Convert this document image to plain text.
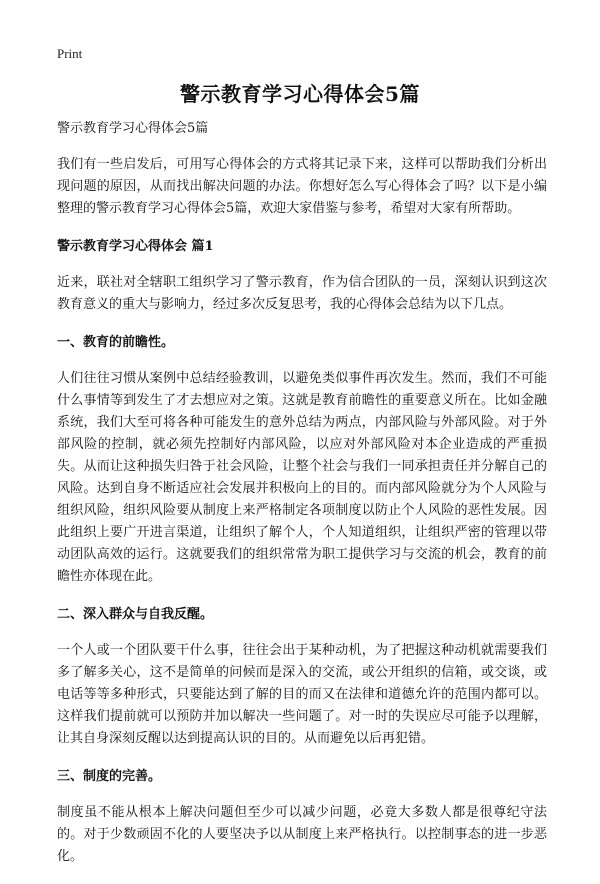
Print
警示教育学习心得体会5篇

警示教育学习心得体会5篇

我们有一些启发后，可用写心得体会的方式将其记录下来，这样可以帮助我们分析出现问题的原因，从而找出解决问题的办法。你想好怎么写心得体会了吗？以下是小编整理的警示教育学习心得体会5篇，欢迎大家借鉴与参考，希望对大家有所帮助。

警示教育学习心得体会 篇1

近来，联社对全辖职工组织学习了警示教育，作为信合团队的一员，深刻认识到这次教育意义的重大与影响力，经过多次反复思考，我的心得体会总结为以下几点。

一、教育的前瞻性。

人们往往习惯从案例中总结经验教训，以避免类似事件再次发生。然而，我们不可能什么事情等到发生了才去想应对之策。这就是教育前瞻性的重要意义所在。比如金融系统，我们大至可将各种可能发生的意外总结为两点，内部风险与外部风险。对于外部风险的控制，就必须先控制好内部风险，以应对外部风险对本企业造成的严重损失。从而让这种损失归咎于社会风险，让整个社会与我们一同承担责任并分解自己的风险。达到自身不断适应社会发展并积极向上的目的。而内部风险就分为个人风险与组织风险，组织风险要从制度上来严格制定各项制度以防止个人风险的恶性发展。因此组织上要广开进言渠道，让组织了解个人，个人知道组织，让组织严密的管理以带动团队高效的运行。这就要我们的组织常常为职工提供学习与交流的机会，教育的前瞻性亦体现在此。

二、深入群众与自我反醒。

一个人或一个团队要干什么事，往往会出于某种动机，为了把握这种动机就需要我们多了解多关心，这不是简单的问候而是深入的交流，或公开组织的信箱，或交谈，或电话等等多种形式，只要能达到了解的目的而又在法律和道德允许的范围内都可以。这样我们提前就可以预防并加以解决一些问题了。对一时的失误应尽可能予以理解，让其自身深刻反醒以达到提高认识的目的。从而避免以后再犯错。

三、制度的完善。

制度虽不能从根本上解决问题但至少可以减少问题，必竟大多数人都是很尊纪守法的。对于少数顽固不化的人要坚决予以从制度上来严格执行。以控制事态的进一步恶化。
